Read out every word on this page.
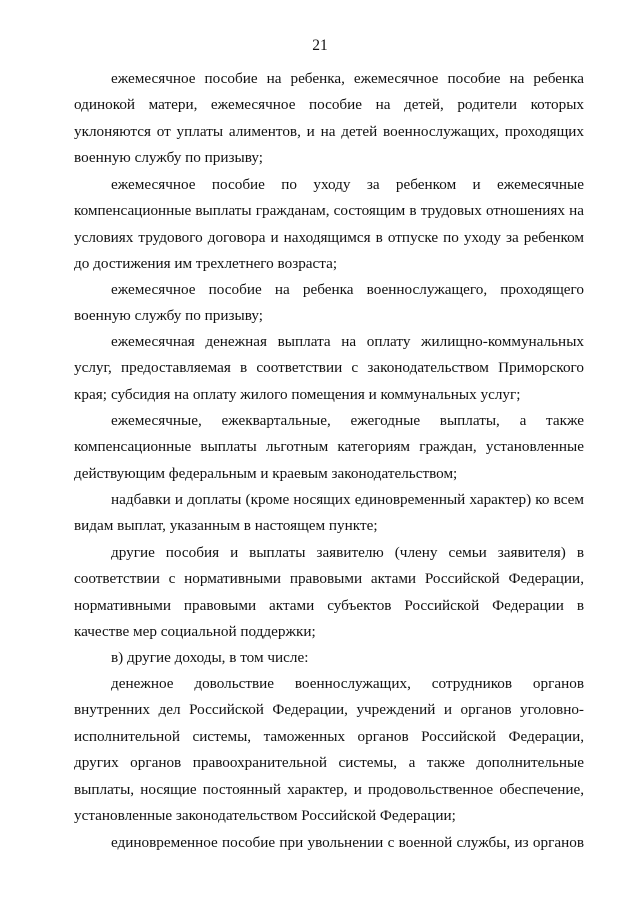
21

ежемесячное пособие на ребенка, ежемесячное пособие на ребенка одинокой матери, ежемесячное пособие на детей, родители которых уклоняются от уплаты алиментов, и на детей военнослужащих, проходящих военную службу по призыву;

ежемесячное пособие по уходу за ребенком и ежемесячные компенсационные выплаты гражданам, состоящим в трудовых отношениях на условиях трудового договора и находящимся в отпуске по уходу за ребенком до достижения им трехлетнего возраста;

ежемесячное пособие на ребенка военнослужащего, проходящего военную службу по призыву;

ежемесячная денежная выплата на оплату жилищно-коммунальных услуг, предоставляемая в соответствии с законодательством Приморского края; субсидия на оплату жилого помещения и коммунальных услуг;

ежемесячные, ежеквартальные, ежегодные выплаты, а также компенсационные выплаты льготным категориям граждан, установленные действующим федеральным и краевым законодательством;

надбавки и доплаты (кроме носящих единовременный характер) ко всем видам выплат, указанным в настоящем пункте;

другие пособия и выплаты заявителю (члену семьи заявителя) в соответствии с нормативными правовыми актами Российской Федерации, нормативными правовыми актами субъектов Российской Федерации в качестве мер социальной поддержки;

в) другие доходы, в том числе:

денежное довольствие военнослужащих, сотрудников органов внутренних дел Российской Федерации, учреждений и органов уголовно-исполнительной системы, таможенных органов Российской Федерации, других органов правоохранительной системы, а также дополнительные выплаты, носящие постоянный характер, и продовольственное обеспечение, установленные законодательством Российской Федерации;

единовременное пособие при увольнении с военной службы, из органов
